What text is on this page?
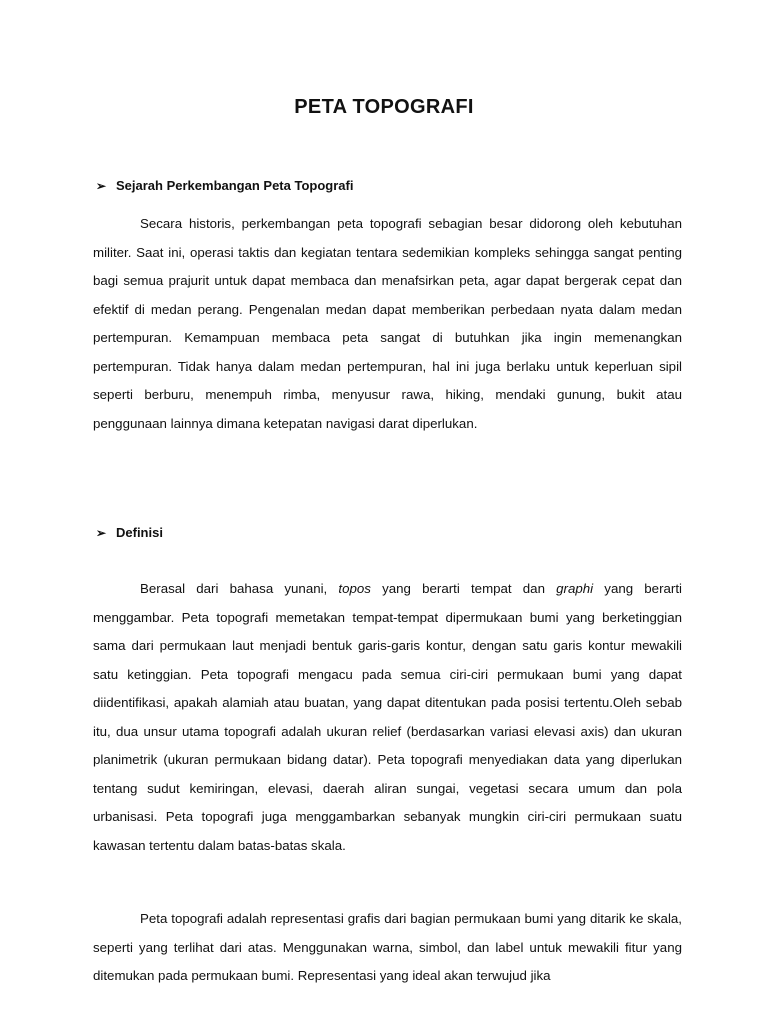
PETA TOPOGRAFI
➢ Sejarah Perkembangan Peta Topografi

Secara historis, perkembangan peta topografi sebagian besar didorong oleh kebutuhan militer. Saat ini, operasi taktis dan kegiatan tentara sedemikian kompleks sehingga sangat penting bagi semua prajurit untuk dapat membaca dan menafsirkan peta, agar dapat bergerak cepat dan efektif di medan perang. Pengenalan medan dapat memberikan perbedaan nyata dalam medan pertempuran. Kemampuan membaca peta sangat di butuhkan jika ingin memenangkan pertempuran. Tidak hanya dalam medan pertempuran, hal ini juga berlaku untuk keperluan sipil seperti berburu, menempuh rimba, menyusur rawa, hiking, mendaki gunung, bukit atau penggunaan lainnya dimana ketepatan navigasi darat diperlukan.

➢ Definisi

Berasal dari bahasa yunani, topos yang berarti tempat dan graphi yang berarti menggambar. Peta topografi memetakan tempat-tempat dipermukaan bumi yang berketinggian sama dari permukaan laut menjadi bentuk garis-garis kontur, dengan satu garis kontur mewakili satu ketinggian. Peta topografi mengacu pada semua ciri-ciri permukaan bumi yang dapat diidentifikasi, apakah alamiah atau buatan, yang dapat ditentukan pada posisi tertentu.Oleh sebab itu, dua unsur utama topografi adalah ukuran relief (berdasarkan variasi elevasi axis) dan ukuran planimetrik (ukuran permukaan bidang datar). Peta topografi menyediakan data yang diperlukan tentang sudut kemiringan, elevasi, daerah aliran sungai, vegetasi secara umum dan pola urbanisasi. Peta topografi juga menggambarkan sebanyak mungkin ciri-ciri permukaan suatu kawasan tertentu dalam batas-batas skala.

Peta topografi adalah representasi grafis dari bagian permukaan bumi yang ditarik ke skala, seperti yang terlihat dari atas. Menggunakan warna, simbol, dan label untuk mewakili fitur yang ditemukan pada permukaan bumi. Representasi yang ideal akan terwujud jika
